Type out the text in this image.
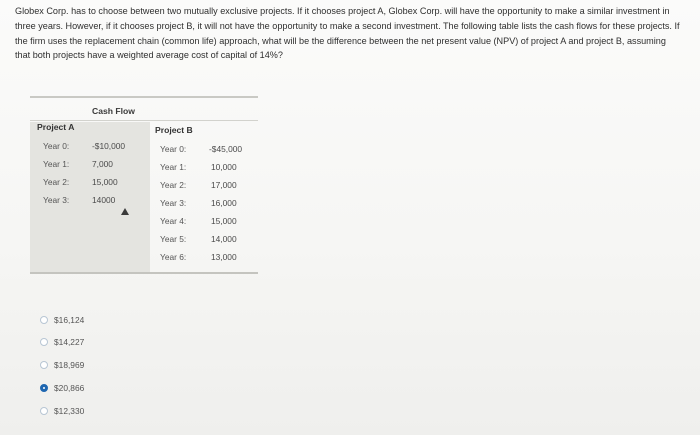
Globex Corp. has to choose between two mutually exclusive projects. If it chooses project A, Globex Corp. will have the opportunity to make a similar investment in three years. However, if it chooses project B, it will not have the opportunity to make a second investment. The following table lists the cash flows for these projects. If the firm uses the replacement chain (common life) approach, what will be the difference between the net present value (NPV) of project A and project B, assuming that both projects have a weighted average cost of capital of 14%?
Cash Flow
Project A	Project B
Year 0:	-$10,000
Year 1:	7,000
Year 2:	15,000
Year 3:	14000
Year 0:	-$45,000
Year 1:	10,000
Year 2:	17,000
Year 3:	16,000
Year 4:	15,000
Year 5:	14,000
Year 6:	13,000
$16,124
$14,227
$18,969
$20,866
$12,330
